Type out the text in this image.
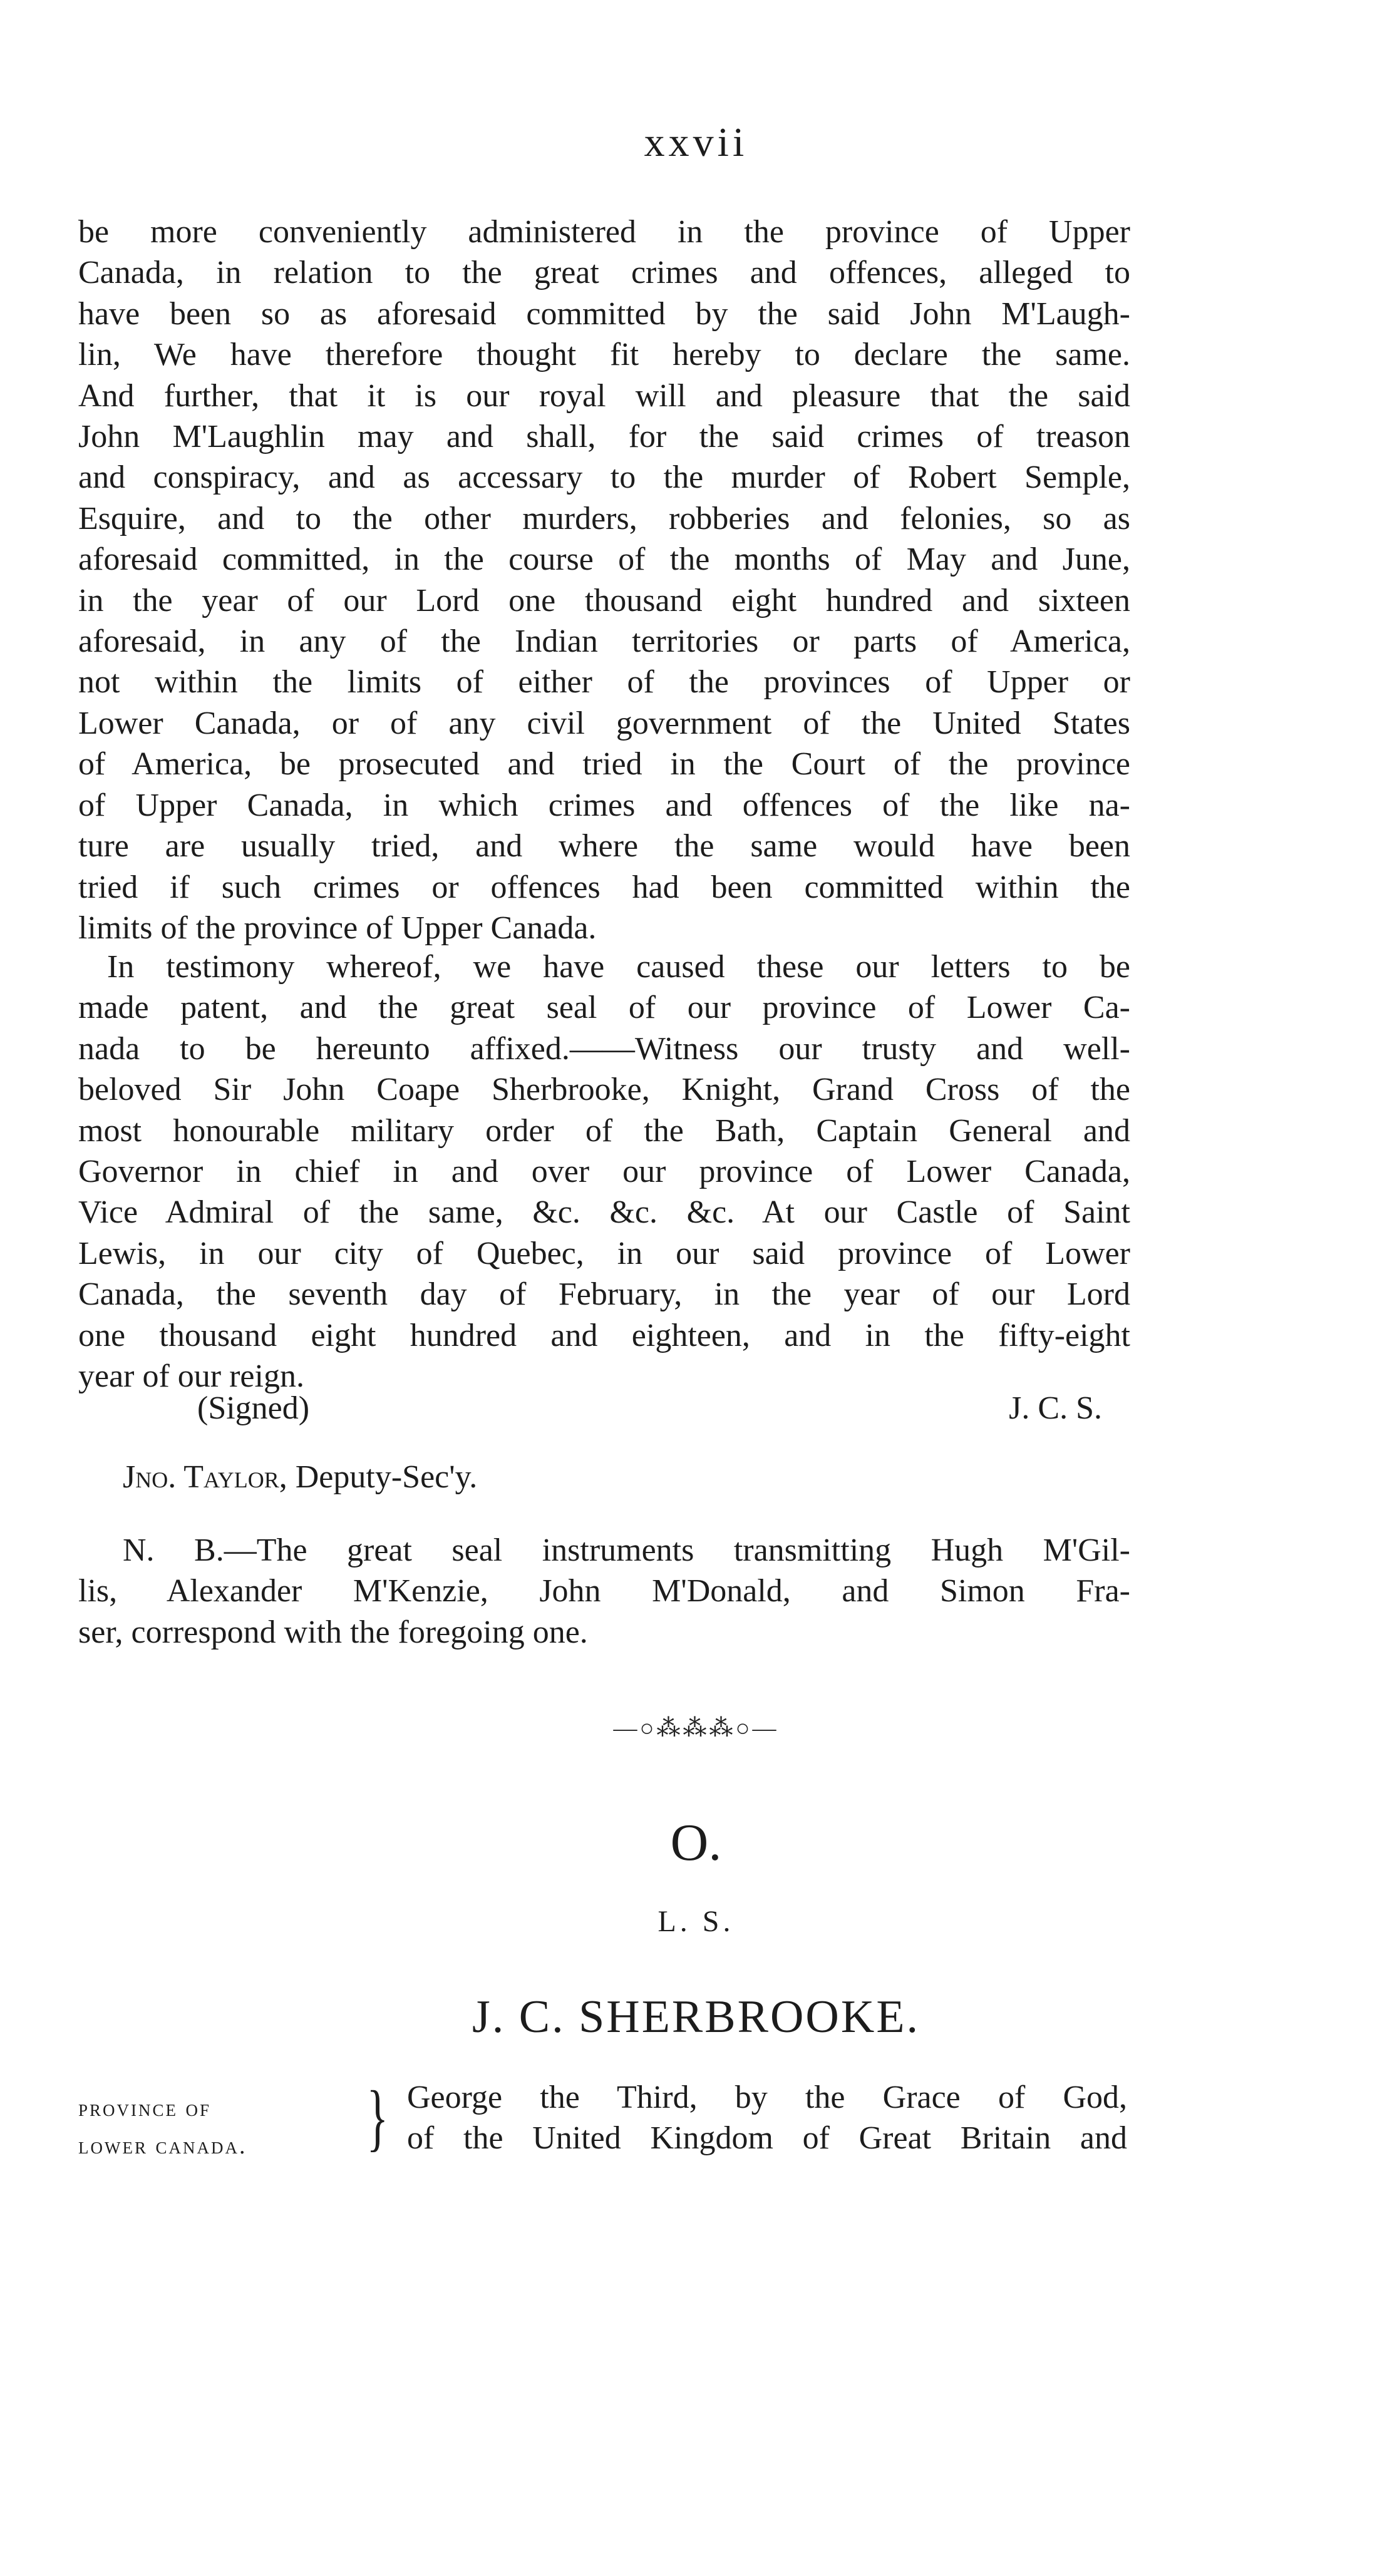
xxvii
be more conveniently administered in the province of Upper
Canada, in relation to the great crimes and offences, alleged to
have been so as aforesaid committed by the said John M'Laugh-
lin, We have therefore thought fit hereby to declare the same.
And further, that it is our royal will and pleasure that the said
John M'Laughlin may and shall, for the said crimes of treason
and conspiracy, and as accessary to the murder of Robert Semple,
Esquire, and to the other murders, robberies and felonies, so as
aforesaid committed, in the course of the months of May and June,
in the year of our Lord one thousand eight hundred and sixteen
aforesaid, in any of the Indian territories or parts of America,
not within the limits of either of the provinces of Upper or
Lower Canada, or of any civil government of the United States
of America, be prosecuted and tried in the Court of the province
of Upper Canada, in which crimes and offences of the like na-
ture are usually tried, and where the same would have been
tried if such crimes or offences had been committed within the
limits of the province of Upper Canada.
In testimony whereof, we have caused these our letters to be
made patent, and the great seal of our province of Lower Ca-
nada to be hereunto affixed.——Witness our trusty and well-
beloved Sir John Coape Sherbrooke, Knight, Grand Cross of the
most honourable military order of the Bath, Captain General and
Governor in chief in and over our province of Lower Canada,
Vice Admiral of the same, &c. &c. &c. At our Castle of Saint
Lewis, in our city of Quebec, in our said province of Lower
Canada, the seventh day of February, in the year of our Lord
one thousand eight hundred and eighteen, and in the fifty-eight
year of our reign.
(Signed)	J. C. S.
Jno. Taylor, Deputy-Sec'y.
N. B.—The great seal instruments transmitting Hugh M'Gil-
lis, Alexander M'Kenzie, John M'Donald, and Simon Fra-
ser, correspond with the foregoing one.
—○⁂⁂⁂○—
O.
L. S.
J. C. SHERBROOKE.
province of
lower canada. } George the Third, by the Grace of God,
of the United Kingdom of Great Britain and
